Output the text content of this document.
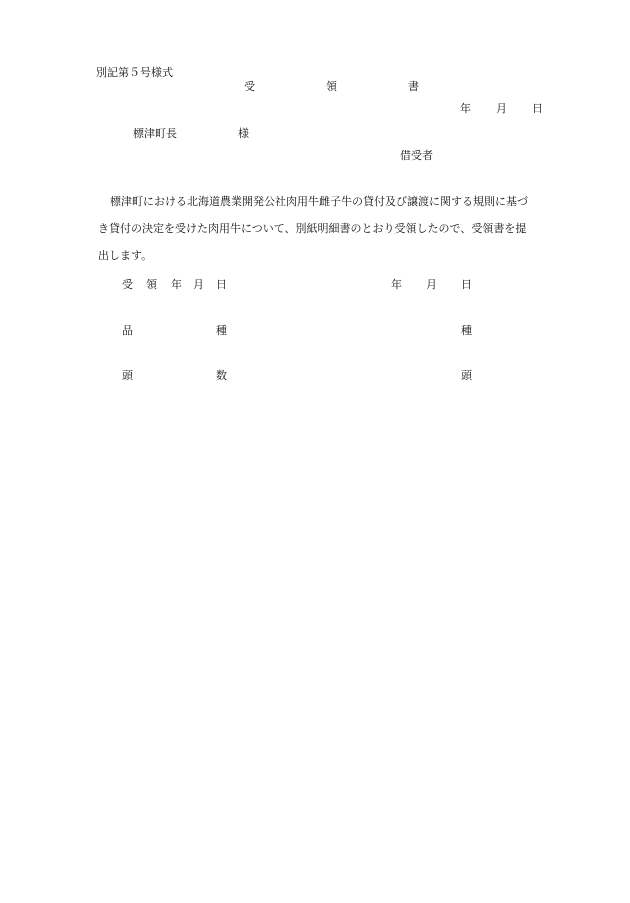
別記第５号様式
受	領	書
年 月 日
標津町長	様
借受者
標津町における北海道農業開発公社肉用牛雌子牛の貸付及び譲渡に関する規則に基づ
き貸付の決定を受けた肉用牛について、別紙明細書のとおり受領したので、受領書を提
出します。
受 領 年 月 日	年 月 日
品	種	種
頭	数	頭
